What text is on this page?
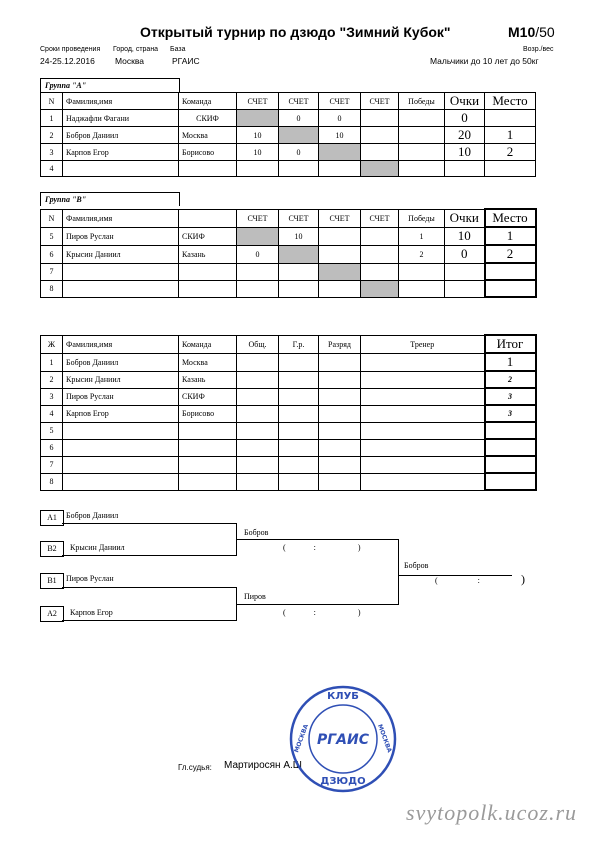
Открытый турнир по дзюдо "Зимний Кубок"	М10/50
Сроки проведения Город, страна База	Возр./вес
24-25.12.2016 Москва	РГАИС	Мальчики до 10 лет до 50кг
Группа "А"
N	Фамилия,имя	Команда	СЧЕТ	СЧЕТ	СЧЕТ	СЧЕТ	Победы	Очки	Место
1	Наджафли Фагани	СКИФ		0	0			0	
2	Бобров Даниил	Москва	10		10			20	1
3	Карпов Егор	Борисово	10	0				10	2
4									
Группа "В"
N	Фамилия,имя		СЧЕТ	СЧЕТ	СЧЕТ	СЧЕТ	Победы	Очки	Место
5	Пиров Руслан	СКИФ		10			1	10	1
6	Крысин Даниил	Казань	0				2	0	2
7									
8									
Ж	Фамилия,имя	Команда	Общ.	Г.р.	Разряд	Тренер	Итог
1	Бобров Даниил	Москва					1
2	Крысин Даниил	Казань					2
3	Пиров Руслан	СКИФ					3
4	Карпов Егор	Борисово					3
5							
6							
7							
8							
А1	Бобров Даниил
В2	Крысин Даниил
Бобров
(	:	)
В1	Пиров Руслан
А2	Карпов Егор
Пиров
(	:	)
Бобров
(	:	)
Гл.судья: Мартиросян А.Ш
КЛУБ
РГАИС
МОСКВА	МОСКВА
ДЗЮДО
svytopolk.ucoz.ru
